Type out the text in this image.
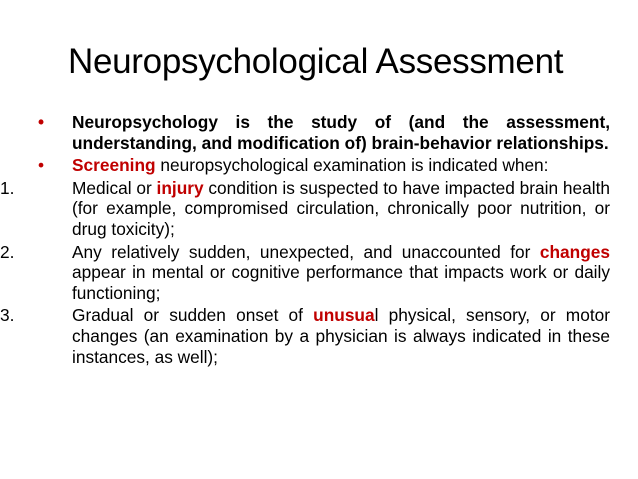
Neuropsychological Assessment
•	Neuropsychology is the study of (and the assessment, understanding, and modification of) brain-behavior relationships.
•	Screening neuropsychological examination is indicated when:
1.	Medical or injury condition is suspected to have impacted brain health (for example, compromised circulation, chronically poor nutrition, or drug toxicity);
2.	Any relatively sudden, unexpected, and unaccounted for changes appear in mental or cognitive performance that impacts work or daily functioning;
3.	Gradual or sudden onset of unusual physical, sensory, or motor changes (an examination by a physician is always indicated in these instances, as well);
